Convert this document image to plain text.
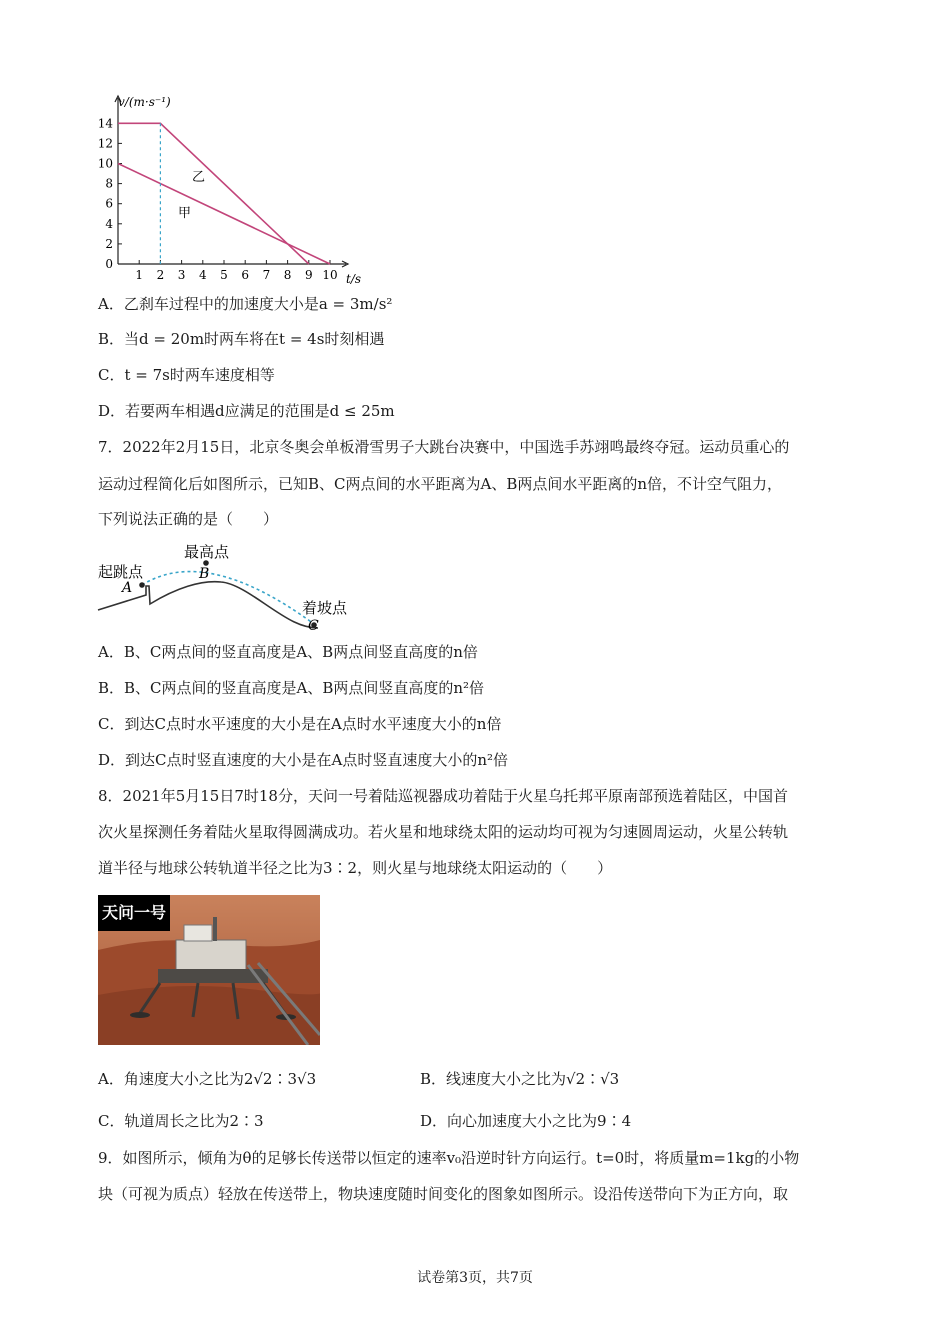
1 2 3 4 5 6 7 8 9 10
0
2
4
6
8
10
12
14
v/(m·s⁻¹)
t/s
乙
甲
A．乙刹车过程中的加速度大小是a = 3m/s²
B．当d = 20m时两车将在t = 4s时刻相遇
C．t = 7s时两车速度相等
D．若要两车相遇d应满足的范围是d ≤ 25m
7．2022年2月15日，北京冬奥会单板滑雪男子大跳台决赛中，中国选手苏翊鸣最终夺冠。运动员重心的
运动过程简化后如图所示，已知B、C两点间的水平距离为A、B两点间水平距离的n倍，不计空气阻力，
下列说法正确的是（　　）
起跳点
A
最高点
B
着坡点
C
A．B、C两点间的竖直高度是A、B两点间竖直高度的n倍
B．B、C两点间的竖直高度是A、B两点间竖直高度的n²倍
C．到达C点时水平速度的大小是在A点时水平速度大小的n倍
D．到达C点时竖直速度的大小是在A点时竖直速度大小的n²倍
8．2021年5月15日7时18分，天问一号着陆巡视器成功着陆于火星乌托邦平原南部预选着陆区，中国首
次火星探测任务着陆火星取得圆满成功。若火星和地球绕太阳的运动均可视为匀速圆周运动，火星公转轨
道半径与地球公转轨道半径之比为3∶2，则火星与地球绕太阳运动的（　　）
天问一号
A．角速度大小之比为2√2∶3√3	B．线速度大小之比为√2∶√3
C．轨道周长之比为2∶3	D．向心加速度大小之比为9∶4
9．如图所示，倾角为θ的足够长传送带以恒定的速率v₀沿逆时针方向运行。t=0时，将质量m=1kg的小物
块（可视为质点）轻放在传送带上，物块速度随时间变化的图象如图所示。设沿传送带向下为正方向，取
试卷第3页，共7页
